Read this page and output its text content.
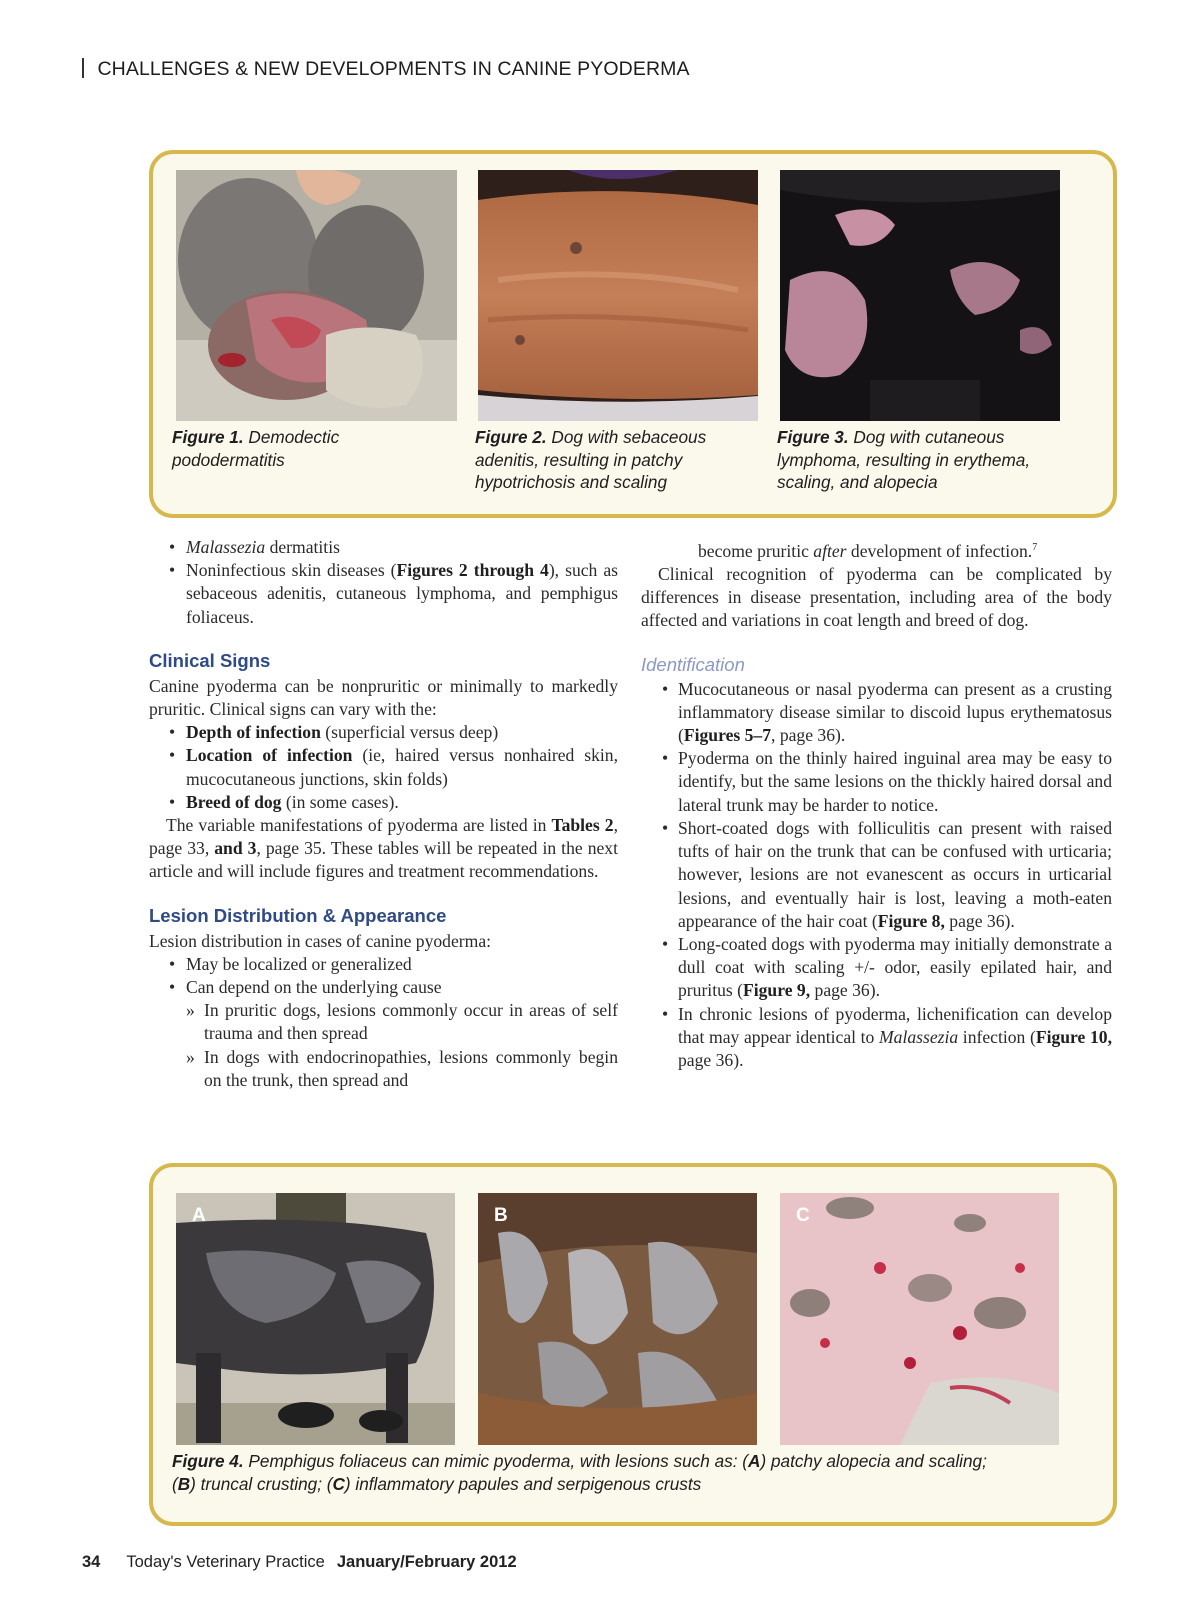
CHALLENGES & NEW DEVELOPMENTS IN CANINE PYODERMA
Figure 1. Demodectic pododermatitis
Figure 2. Dog with sebaceous adenitis, resulting in patchy hypotrichosis and scaling
Figure 3. Dog with cutaneous lymphoma, resulting in erythema, scaling, and alopecia
• Malassezia dermatitis
• Noninfectious skin diseases (Figures 2 through 4), such as sebaceous adenitis, cutaneous lymphoma, and pemphigus foliaceus.
Clinical Signs

Canine pyoderma can be nonpruritic or minimally to markedly pruritic. Clinical signs can vary with the:

• Depth of infection (superficial versus deep)
• Location of infection (ie, haired versus nonhaired skin, mucocutaneous junctions, skin folds)
• Breed of dog (in some cases).

The variable manifestations of pyoderma are listed in Tables 2, page 33, and 3, page 35. These tables will be repeated in the next article and will include figures and treatment recommendations.

Lesion Distribution & Appearance

Lesion distribution in cases of canine pyoderma:

• May be localized or generalized
• Can depend on the underlying cause
» In pruritic dogs, lesions commonly occur in areas of self trauma and then spread
» In dogs with endocrinopathies, lesions commonly begin on the trunk, then spread and

become pruritic after development of infection.$^7$

Clinical recognition of pyoderma can be complicated by differences in disease presentation, including area of the body affected and variations in coat length and breed of dog.

Identification
• Mucocutaneous or nasal pyoderma can present as a crusting inflammatory disease similar to discoid lupus erythematosus (Figures 5–7, page 36).
• Pyoderma on the thinly haired inguinal area may be easy to identify, but the same lesions on the thickly haired dorsal and lateral trunk may be harder to notice.
• Short-coated dogs with folliculitis can present with raised tufts of hair on the trunk that can be confused with urticaria; however, lesions are not evanescent as occurs in urticarial lesions, and eventually hair is lost, leaving a moth-eaten appearance of the hair coat (Figure 8, page 36).
• Long-coated dogs with pyoderma may initially demonstrate a dull coat with scaling +/- odor, easily epilated hair, and pruritus (Figure 9, page 36).
• In chronic lesions of pyoderma, lichenification can develop that may appear identical to Malassezia infection (Figure 10, page 36).
A	B	C
Figure 4. Pemphigus foliaceus can mimic pyoderma, with lesions such as: (A) patchy alopecia and scaling;
(B) truncal crusting; (C) inflammatory papules and serpigenous crusts
34 Today's Veterinary Practice January/February 2012
